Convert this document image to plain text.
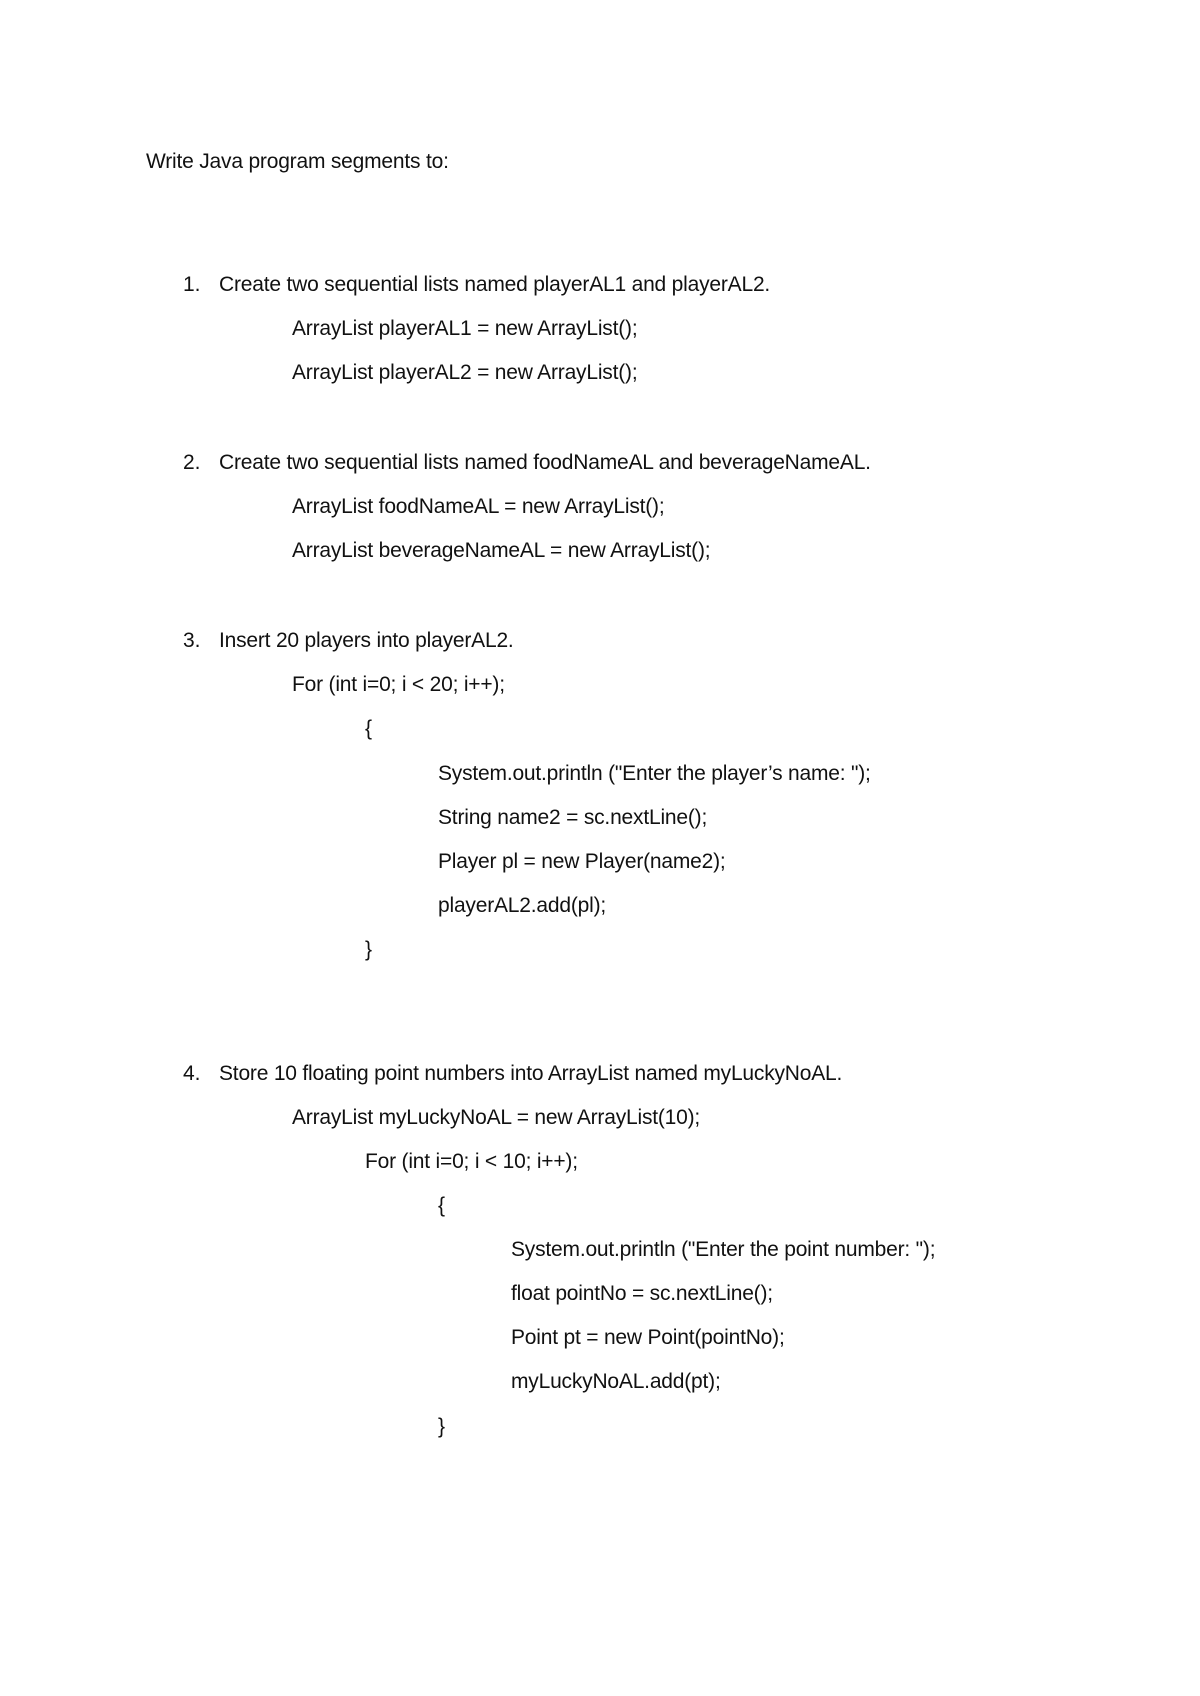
Write Java program segments to:
1. Create two sequential lists named playerAL1 and playerAL2.
ArrayList playerAL1 = new ArrayList();
ArrayList playerAL2 = new ArrayList();
2. Create two sequential lists named foodNameAL and beverageNameAL.
ArrayList foodNameAL = new ArrayList();
ArrayList beverageNameAL = new ArrayList();
3. Insert 20 players into playerAL2.
For (int i=0; i < 20; i++);
{
System.out.println ("Enter the player’s name: ");
String name2 = sc.nextLine();
Player pl = new Player(name2);
playerAL2.add(pl);
}
4. Store 10 floating point numbers into ArrayList named myLuckyNoAL.
ArrayList myLuckyNoAL = new ArrayList(10);
For (int i=0; i < 10; i++);
{
System.out.println ("Enter the point number: ");
float pointNo = sc.nextLine();
Point pt = new Point(pointNo);
myLuckyNoAL.add(pt);
}
